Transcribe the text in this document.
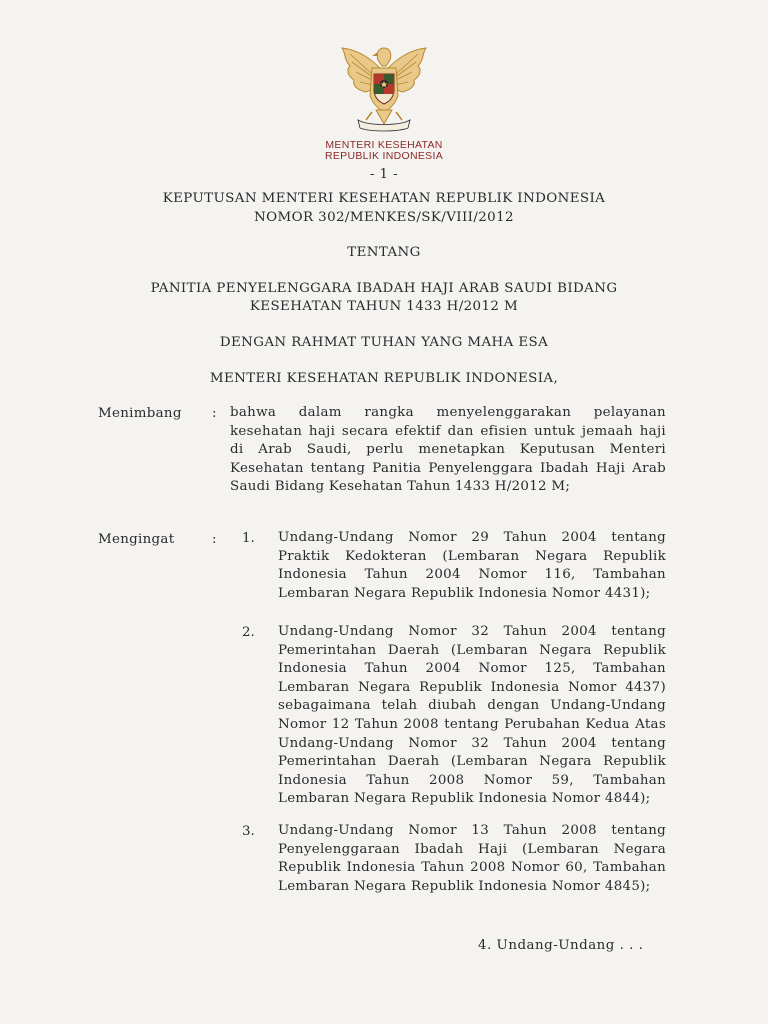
MENTERI KESEHATAN
REPUBLIK INDONESIA
- 1 -
KEPUTUSAN MENTERI KESEHATAN REPUBLIK INDONESIA
NOMOR 302/MENKES/SK/VIII/2012
TENTANG
PANITIA PENYELENGGARA IBADAH HAJI ARAB SAUDI BIDANG
KESEHATAN TAHUN 1433 H/2012 M
DENGAN RAHMAT TUHAN YANG MAHA ESA
MENTERI KESEHATAN REPUBLIK INDONESIA,
Menimbang : bahwa dalam rangka menyelenggarakan pelayanan kesehatan haji secara efektif dan efisien untuk jemaah haji di Arab Saudi, perlu menetapkan Keputusan Menteri Kesehatan tentang Panitia Penyelenggara Ibadah Haji Arab Saudi Bidang Kesehatan Tahun 1433 H/2012 M;

Mengingat	: 1. Undang-Undang Nomor 29 Tahun 2004 tentang Praktik Kedokteran (Lembaran Negara Republik Indonesia Tahun 2004 Nomor 116, Tambahan Lembaran Negara Republik Indonesia Nomor 4431);

2. Undang-Undang Nomor 32 Tahun 2004 tentang Pemerintahan Daerah (Lembaran Negara Republik Indonesia Tahun 2004 Nomor 125, Tambahan Lembaran Negara Republik Indonesia Nomor 4437) sebagaimana telah diubah dengan Undang-Undang Nomor 12 Tahun 2008 tentang Perubahan Kedua Atas Undang-Undang Nomor 32 Tahun 2004 tentang Pemerintahan Daerah (Lembaran Negara Republik Indonesia Tahun 2008 Nomor 59, Tambahan Lembaran Negara Republik Indonesia Nomor 4844);

3. Undang-Undang Nomor 13 Tahun 2008 tentang Penyelenggaraan Ibadah Haji (Lembaran Negara Republik Indonesia Tahun 2008 Nomor 60, Tambahan Lembaran Negara Republik Indonesia Nomor 4845);

4. Undang-Undang . . .
